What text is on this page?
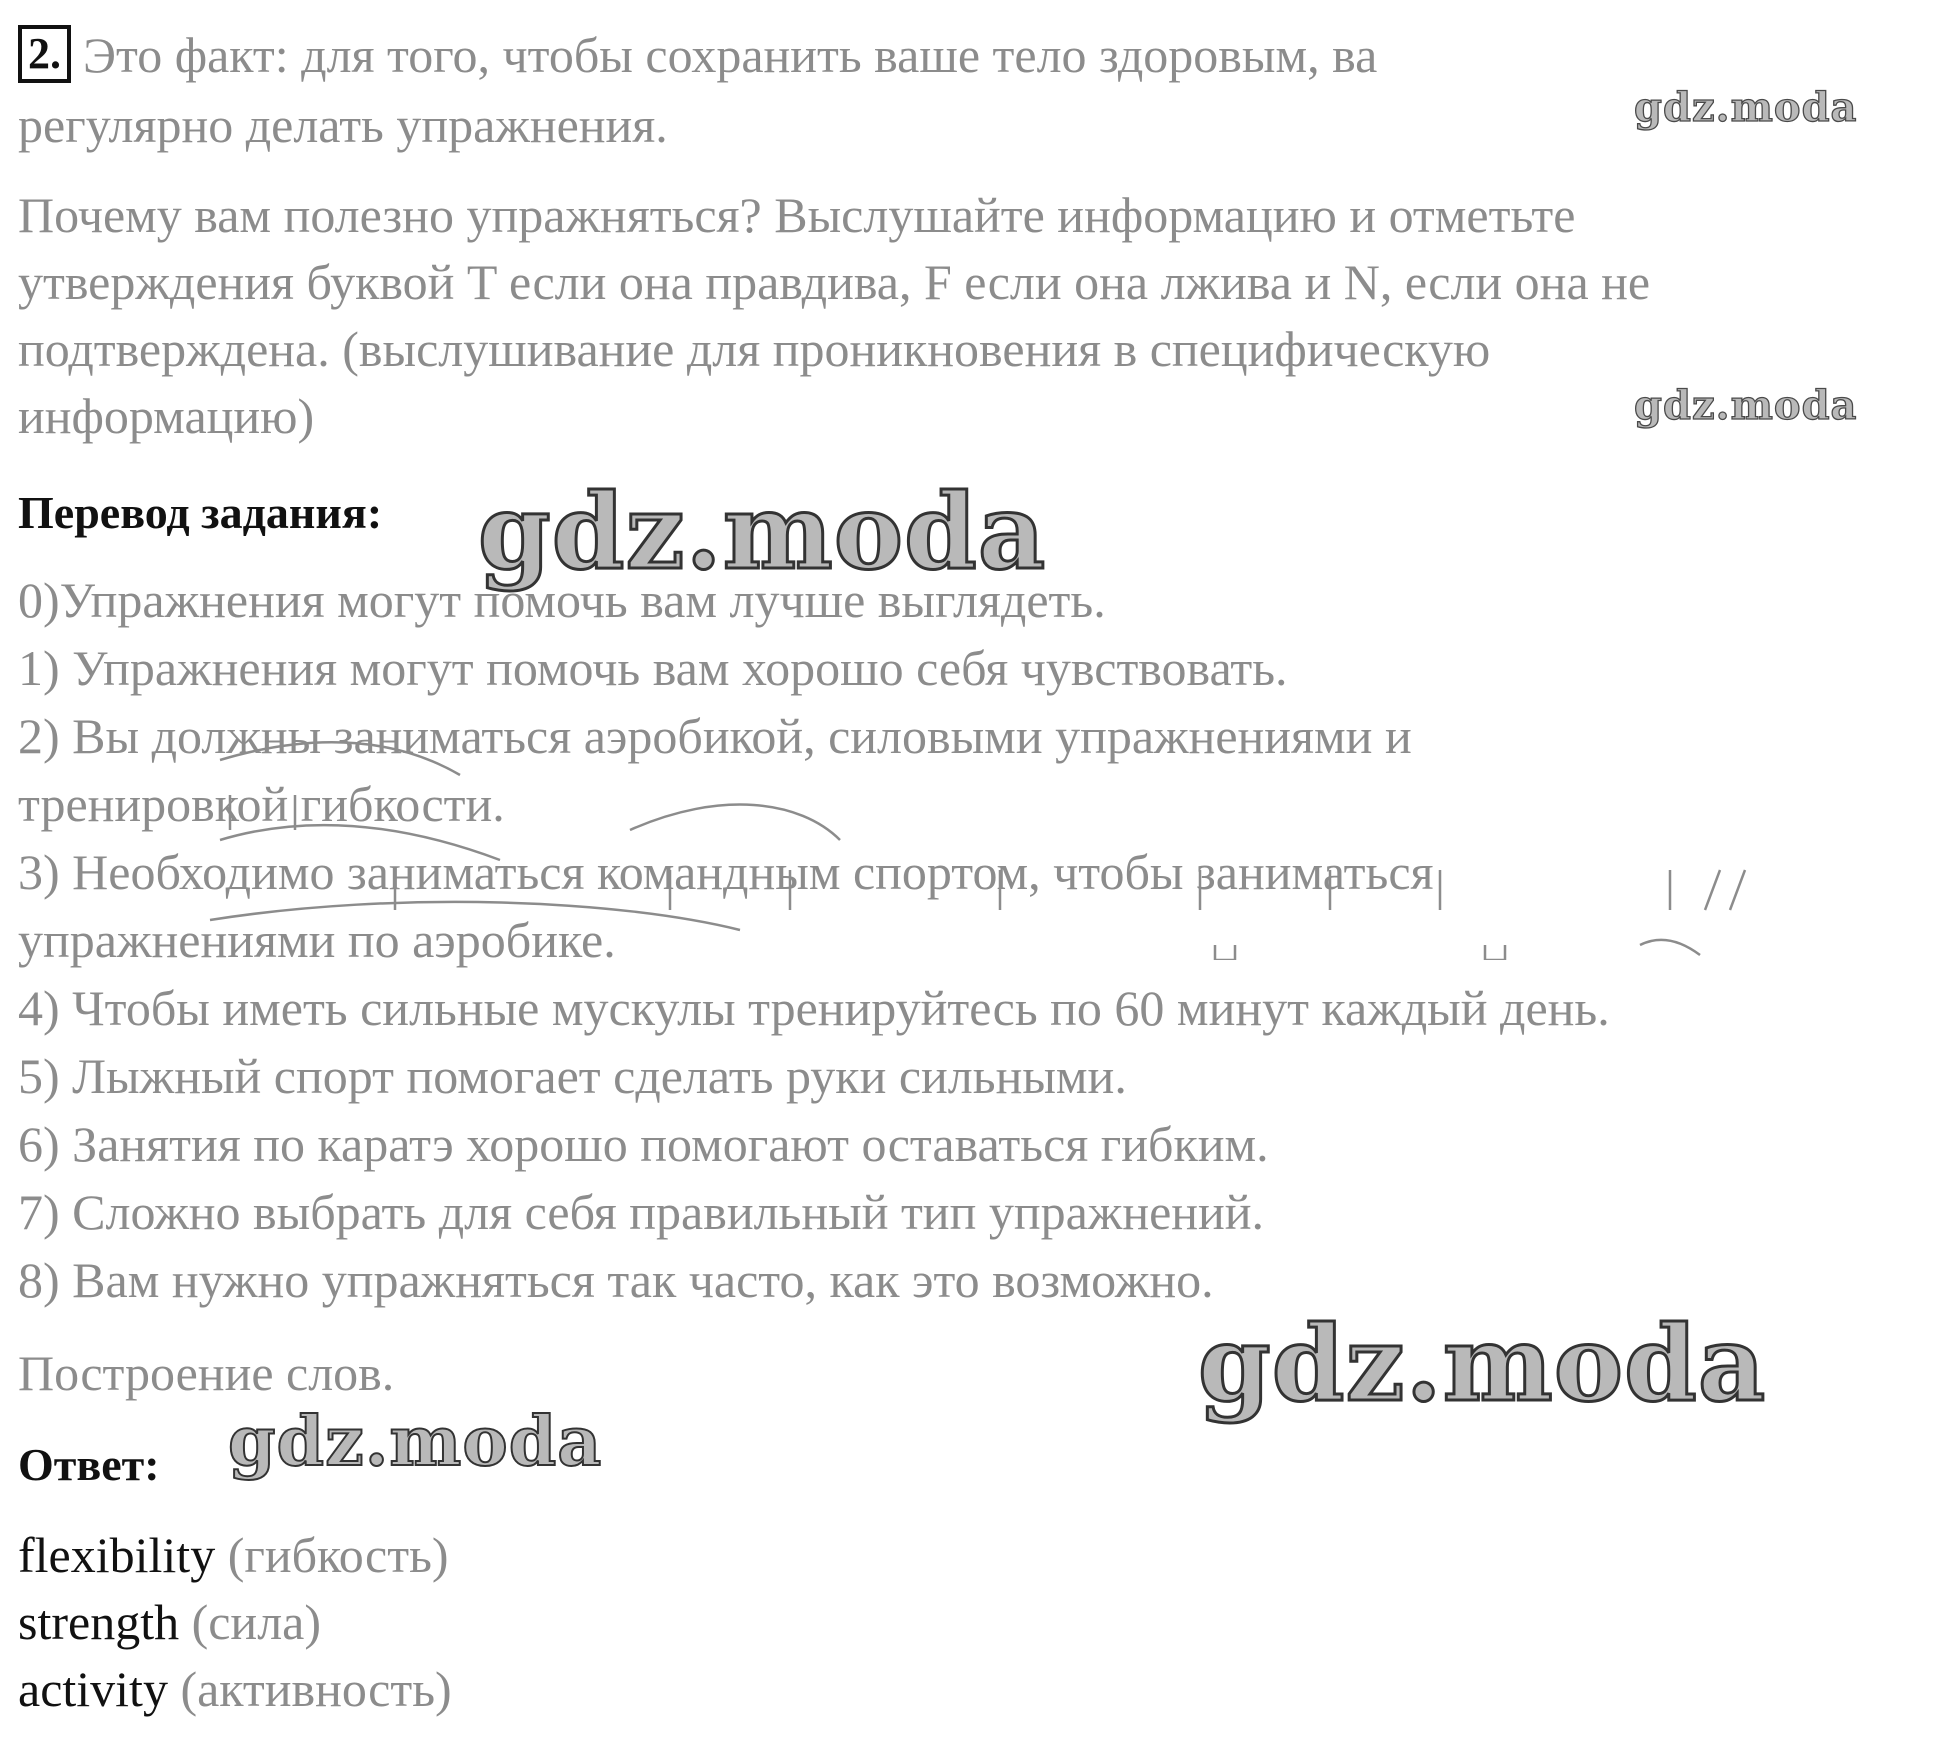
2. Это факт: для того, чтобы сохранить ваше тело здоровым, ва
регулярно делать упражнения.
Почему вам полезно упражняться? Выслушайте информацию и отметьте
утверждения буквой T если она правдива, F если она лжива и N, если она не
подтверждена. (выслушивание для проникновения в специфическую
информацию)
Перевод задания:
0)Упражнения могут помочь вам лучше выглядеть.
1) Упражнения могут помочь вам хорошо себя чувствовать.
2) Вы должны заниматься аэробикой, силовыми упражнениями и
тренировкой гибкости.
3) Необходимо заниматься командным спортом, чтобы заниматься
упражнениями по аэробике.
4) Чтобы иметь сильные мускулы тренируйтесь по 60 минут каждый день.
5) Лыжный спорт помогает сделать руки сильными.
6) Занятия по каратэ хорошо помогают оставаться гибким.
7) Сложно выбрать для себя правильный тип упражнений.
8) Вам нужно упражняться так часто, как это возможно.
Построение слов.
Ответ:
flexibility (гибкость)
strength (сила)
activity (активность)
gdz.moda
gdz.moda
gdz.moda
gdz.moda
gdz.moda
